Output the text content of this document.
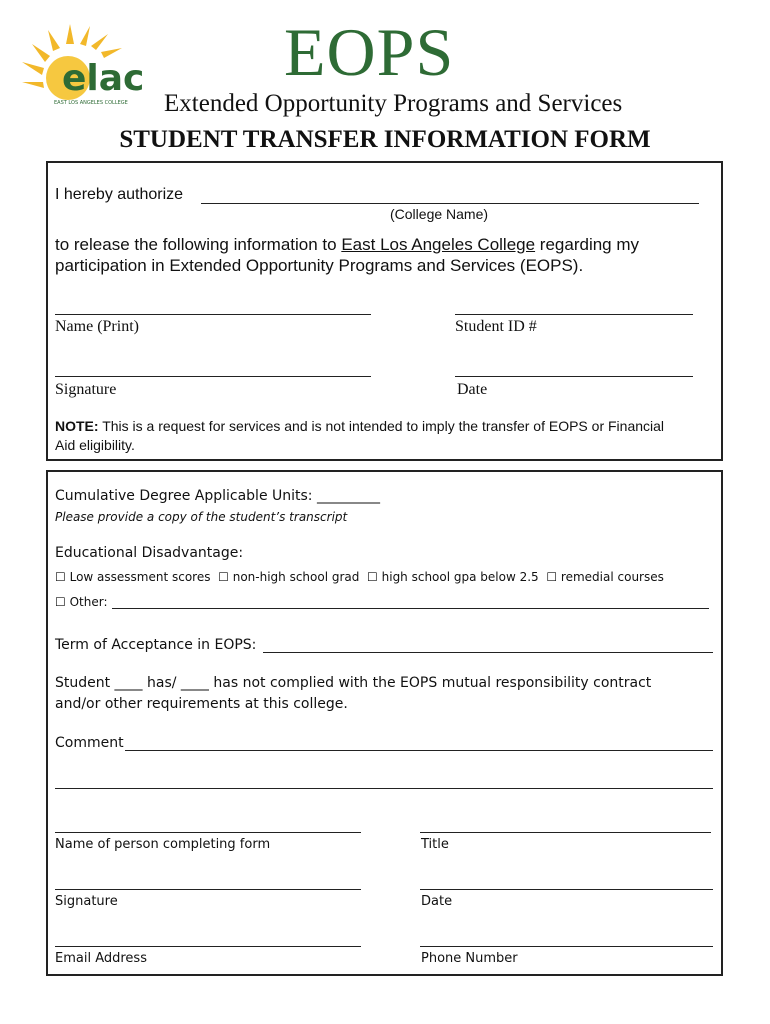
elac
EAST LOS ANGELES COLLEGE
EOPS
Extended Opportunity Programs and Services
STUDENT TRANSFER INFORMATION FORM
I hereby authorize
(College Name)
to release the following information to East Los Angeles College regarding my
participation in Extended Opportunity Programs and Services (EOPS).
Name (Print)	Student ID #
Signature	Date
NOTE: This is a request for services and is not intended to imply the transfer of EOPS or Financial
Aid eligibility.
Cumulative Degree Applicable Units: _________
Please provide a copy of the student’s transcript
Educational Disadvantage:
☐ Low assessment scores ☐ non-high school grad ☐ high school gpa below 2.5 ☐ remedial courses
☐ Other:
Term of Acceptance in EOPS:
Student ____ has/ ____ has not complied with the EOPS mutual responsibility contract
and/or other requirements at this college.
Comment
Name of person completing form	Title
Signature	Date
Email Address	Phone Number
